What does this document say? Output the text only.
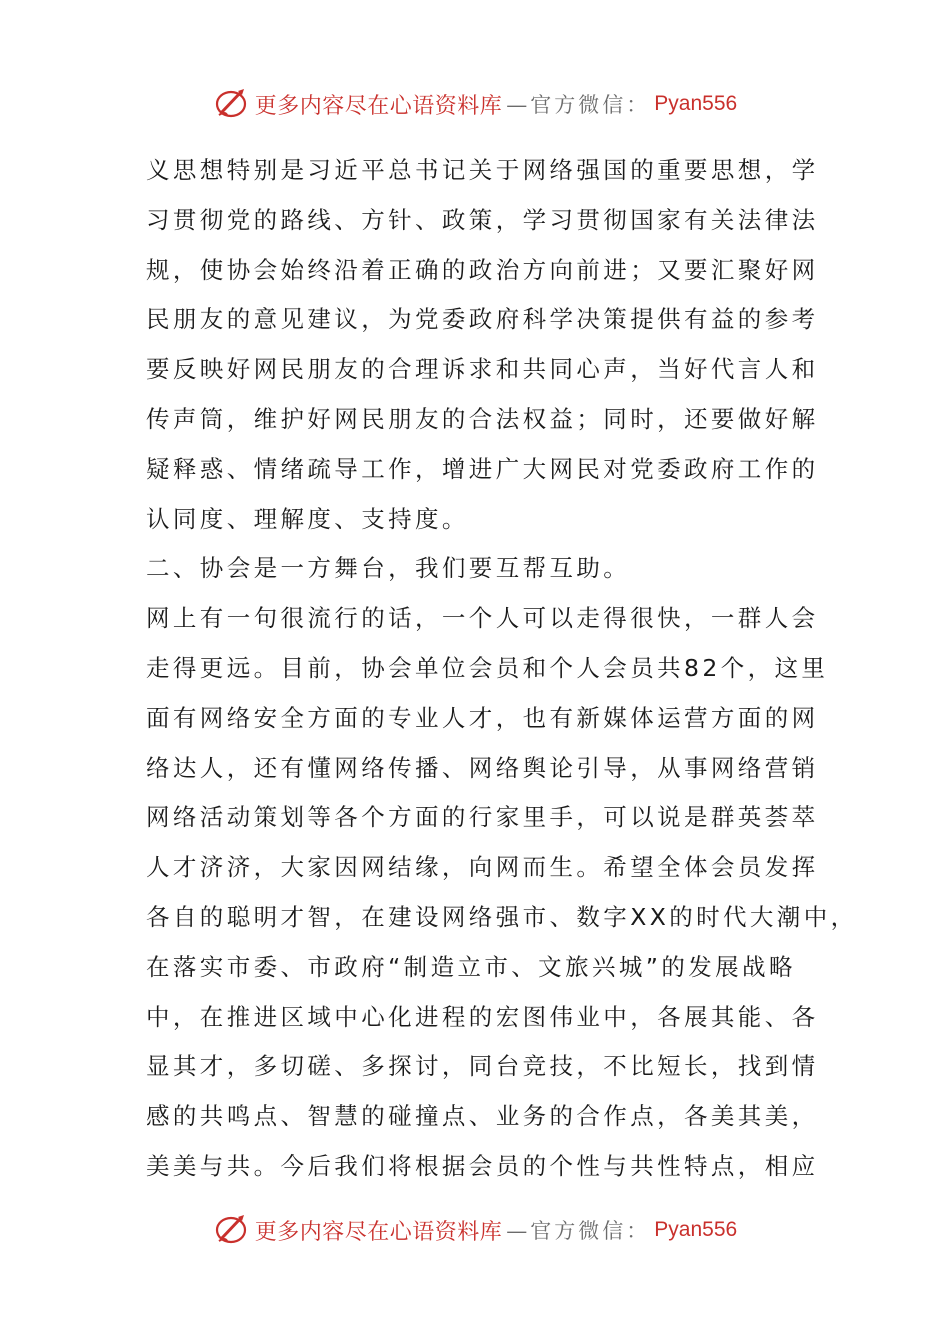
更多内容尽在心语资料库 —官方微信： Pyan556
义思想特别是习近平总书记关于网络强国的重要思想，学
习贯彻党的路线、方针、政策，学习贯彻国家有关法律法
规，使协会始终沿着正确的政治方向前进；又要汇聚好网
民朋友的意见建议，为党委政府科学决策提供有益的参考
要反映好网民朋友的合理诉求和共同心声，当好代言人和
传声筒，维护好网民朋友的合法权益；同时，还要做好解
疑释惑、情绪疏导工作，增进广大网民对党委政府工作的
认同度、理解度、支持度。
二、协会是一方舞台，我们要互帮互助。
网上有一句很流行的话，一个人可以走得很快，一群人会
走得更远。目前，协会单位会员和个人会员共82个，这里
面有网络安全方面的专业人才，也有新媒体运营方面的网
络达人，还有懂网络传播、网络舆论引导，从事网络营销
网络活动策划等各个方面的行家里手，可以说是群英荟萃
人才济济，大家因网结缘，向网而生。希望全体会员发挥
各自的聪明才智，在建设网络强市、数字XX的时代大潮中，
在落实市委、市政府“制造立市、文旅兴城”的发展战略
中，在推进区域中心化进程的宏图伟业中，各展其能、各
显其才，多切磋、多探讨，同台竞技，不比短长，找到情
感的共鸣点、智慧的碰撞点、业务的合作点，各美其美，
美美与共。今后我们将根据会员的个性与共性特点，相应
更多内容尽在心语资料库 —官方微信： Pyan556
